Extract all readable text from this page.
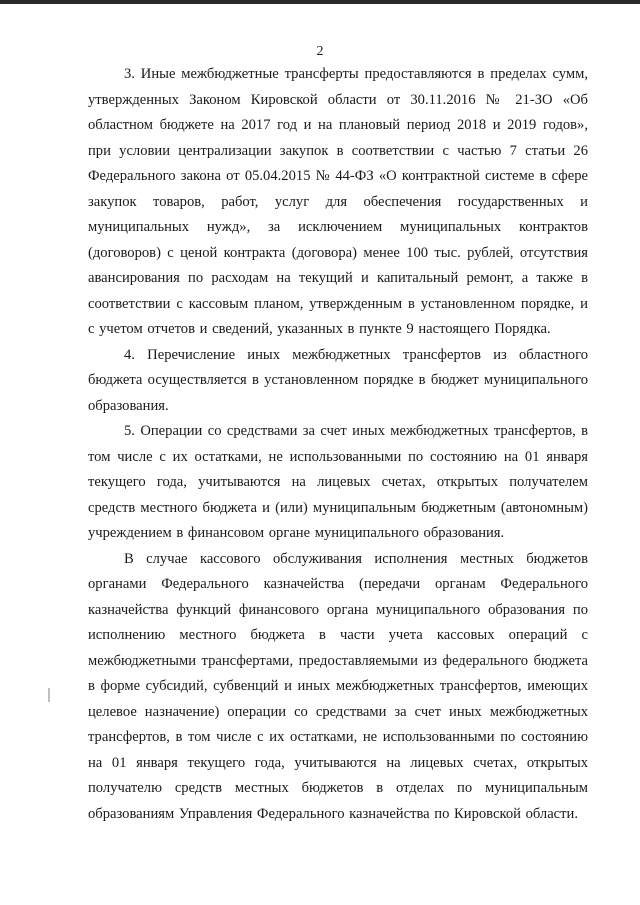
2

3. Иные межбюджетные трансферты предоставляются в пределах сумм, утвержденных Законом Кировской области от 30.11.2016 № 21-ЗО «Об областном бюджете на 2017 год и на плановый период 2018 и 2019 годов», при условии централизации закупок в соответствии с частью 7 статьи 26 Федерального закона от 05.04.2015 № 44-ФЗ «О контрактной системе в сфере закупок товаров, работ, услуг для обеспечения государственных и муниципальных нужд», за исключением муниципальных контрактов (договоров) с ценой контракта (договора) менее 100 тыс. рублей, отсутствия авансирования по расходам на текущий и капитальный ремонт, а также в соответствии с кассовым планом, утвержденным в установленном порядке, и с учетом отчетов и сведений, указанных в пункте 9 настоящего Порядка.

4. Перечисление иных межбюджетных трансфертов из областного бюджета осуществляется в установленном порядке в бюджет муниципального образования.

5. Операции со средствами за счет иных межбюджетных трансфертов, в том числе с их остатками, не использованными по состоянию на 01 января текущего года, учитываются на лицевых счетах, открытых получателем средств местного бюджета и (или) муниципальным бюджетным (автономным) учреждением в финансовом органе муниципального образования.

В случае кассового обслуживания исполнения местных бюджетов органами Федерального казначейства (передачи органам Федерального казначейства функций финансового органа муниципального образования по исполнению местного бюджета в части учета кассовых операций с межбюджетными трансфертами, предоставляемыми из федерального бюджета в форме субсидий, субвенций и иных межбюджетных трансфертов, имеющих целевое назначение) операции со средствами за счет иных межбюджетных трансфертов, в том числе с их остатками, не использованными по состоянию на 01 января текущего года, учитываются на лицевых счетах, открытых получателю средств местных бюджетов в отделах по муниципальным образованиям Управления Федерального казначейства по Кировской области.
